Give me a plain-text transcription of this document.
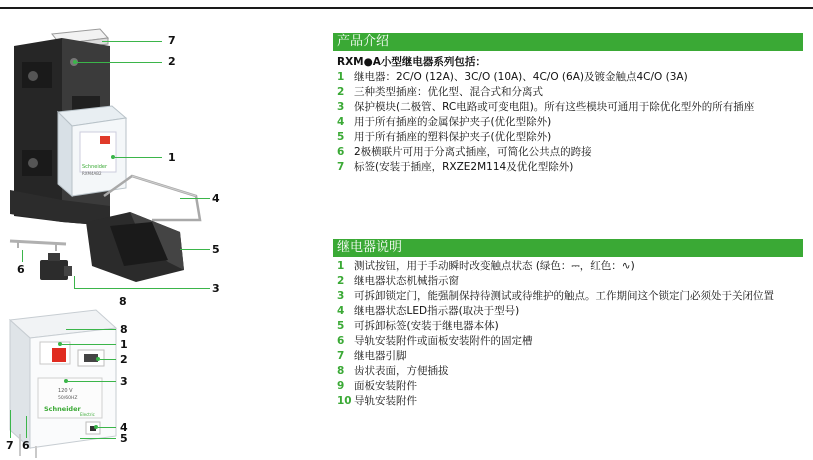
Schneider
RXM4AB2
7
2
1
4
5
6
3
8
120 V
50/60HZ
Schneider
Electric
8
1
2
3
4
5
7 6
产品介绍
RXM●A小型继电器系列包括：
1 继电器：2C/O (12A)、3C/O (10A)、4C/O (6A)及镀金触点4C/O (3A)
2 三种类型插座：优化型、混合式和分离式
3 保护模块(二极管、RC电路或可变电阻)。所有这些模块可通用于除优化型外的所有插座
4 用于所有插座的金属保护夹子(优化型除外)
5 用于所有插座的塑料保护夹子(优化型除外)
6 2极横联片可用于分离式插座，可简化公共点的跨接
7 标签(安装于插座，RXZE2M114及优化型除外)
继电器说明
1 测试按钮，用于手动瞬时改变触点状态 (绿色：⎓，红色：∿)
2 继电器状态机械指示窗
3 可拆卸锁定门，能强制保持待测试或待维护的触点。工作期间这个锁定门必须处于关闭位置
4 继电器状态LED指示器(取决于型号)
5 可拆卸标签(安装于继电器本体)
6 导轨安装附件或面板安装附件的固定槽
7 继电器引脚
8 齿状表面，方便插拔
9 面板安装附件
10 导轨安装附件
